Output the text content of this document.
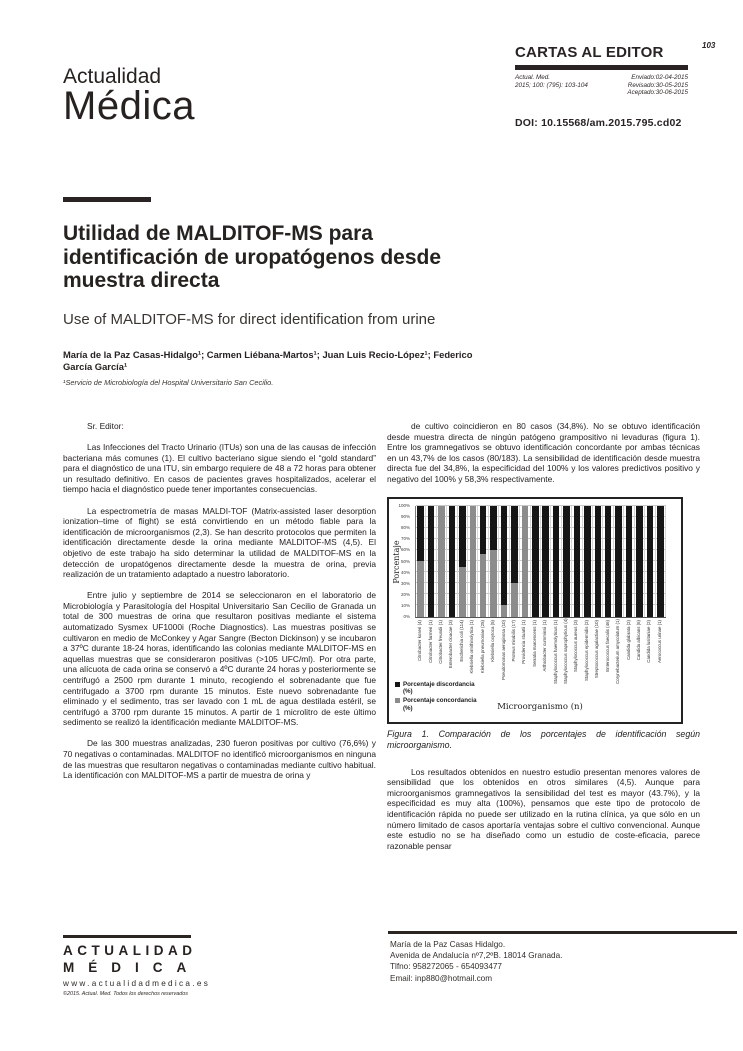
Actualidad
Médica
CARTAS AL EDITOR	103
Actual. Med.
2015; 100: (795): 103-104
Enviado:02-04-2015
Revisado:30-05-2015
Aceptado:30-06-2015
DOI: 10.15568/am.2015.795.cd02
Utilidad de MALDITOF-MS para identificación de uropatógenos desde muestra directa
Use of MALDITOF-MS for direct identification from urine
María de la Paz Casas-Hidalgo¹; Carmen Liébana-Martos¹; Juan Luis Recio-López¹; Federico García García¹
¹Servicio de Microbiología del Hospital Universitario San Cecilio.

Sr. Editor:

Las Infecciones del Tracto Urinario (ITUs) son una de las causas de infección bacteriana más comunes (1). El cultivo bacteriano sigue siendo el “gold standard” para el diagnóstico de una ITU, sin embargo requiere de 48 a 72 horas para obtener un resultado definitivo. En casos de pacientes graves hospitalizados, acelerar el tiempo hacia el diagnóstico puede tener importantes consecuencias.

La espectrometría de masas MALDI-TOF (Matrix-assisted laser desorption ionization–time of flight) se está convirtiendo en un método fiable para la identificación de microorganismos (2,3). Se han descrito protocolos que permiten la identificación directamente desde la orina mediante MALDITOF-MS (4,5). El objetivo de este trabajo ha sido determinar la utilidad de MALDITOF-MS en la detección de uropatógenos directamente desde la muestra de orina, previa realización de un tratamiento adaptado a nuestro laboratorio.

Entre julio y septiembre de 2014 se seleccionaron en el laboratorio de Microbiología y Parasitología del Hospital Universitario San Cecilio de Granada un total de 300 muestras de orina que resultaron positivas mediante el sistema automatizado Sysmex UF1000i (Roche Diagnostics). Las muestras positivas se cultivaron en medio de McConkey y Agar Sangre (Becton Dickinson) y se incubaron a 37ºC durante 18-24 horas, identificando las colonias mediante MALDITOF-MS en aquellas muestras que se consideraron positivas (>105 UFC/ml). Por otra parte, una alícuota de cada orina se conservó a 4ºC durante 24 horas y posteriormente se centrifugó a 2500 rpm durante 1 minuto, recogiendo el sobrenadante que fue centrifugado a 3700 rpm durante 15 minutos. Este nuevo sobrenadante fue eliminado y el sedimento, tras ser lavado con 1 mL de agua destilada estéril, se centrifugó a 3700 rpm durante 15 minutos. A partir de 1 microlitro de este último sedimento se realizó la identificación mediante MALDITOF-MS.

De las 300 muestras analizadas, 230 fueron positivas por cultivo (76,6%) y 70 negativas o contaminadas. MALDITOF no identificó microorganismos en ninguna de las muestras que resultaron negativas o contaminadas mediante cultivo habitual. La identificación con MALDITOF-MS a partir de muestra de orina y

de cultivo coincidieron en 80 casos (34,8%). No se obtuvo identificación desde muestra directa de ningún patógeno grampositivo ni levaduras (figura 1). Entre los gramnegativos se obtuvo identificación concordante por ambas técnicas en un 43,7% de los casos (80/183). La sensibilidad de identificación desde muestra directa fue del 34,8%, la especificidad del 100% y los valores predictivos positivo y negativo del 100% y 58,3% respectivamente.

Porcentaje
0%
10%
20%
30%
40%
50%
60%
70%
80%
90%
100%
Citrobacter koseri (4) Citrobacter farmeri (1) Citrobacter freundii (1) Enterobacter cloacae (3) Escherichia coli (114) Klebsiella ornithinolytica (1) Klebsiella pneumoniae (25) Klebsiella oxytoca (5) Pseudomonas aeruginosa (10) Proteus mirabilis (17) Providencia stuartii (1) Serratia marcescens (1) Arthrobacter cumminsii (1) Staphylococcus haemolyticus (1) Staphylococcus saprophyticus (4) Staphylococcus aureus (3) Staphylococcus epidermidis (2) Streptococcus agalactiae (10) Enterococcus faecalis (46) Corynebacterium amycolatum (1) Candida glabrata (2) Candida albicans (6) Candida lusitaniae (2) Aerococcus urinae (1)
Porcentaje discordancia
(%)
Porcentaje concordancia
(%)	Microorganismo (n)
Figura 1. Comparación de los porcentajes de identificación según microorganismo.

Los resultados obtenidos en nuestro estudio presentan menores valores de sensibilidad que los obtenidos en otros similares (4,5). Aunque para microorganismos gramnegativos la sensibilidad del test es mayor (43.7%), y la especificidad es muy alta (100%), pensamos que este tipo de protocolo de identificación rápida no puede ser utilizado en la rutina clínica, ya que sólo en un número limitado de casos aportaría ventajas sobre el cultivo convencional. Aunque este estudio no se ha diseñado como un estudio de coste-eficacia, parece razonable pensar

ACTUALIDAD
MÉDICA
www.actualidadmedica.es
©2015. Actual. Med. Todos los derechos reservados
María de la Paz Casas Hidalgo.
Avenida de Andalucía nº7,2ºB. 18014 Granada.
Tlfno: 958272065 - 654093477
Email: inp880@hotmail.com
